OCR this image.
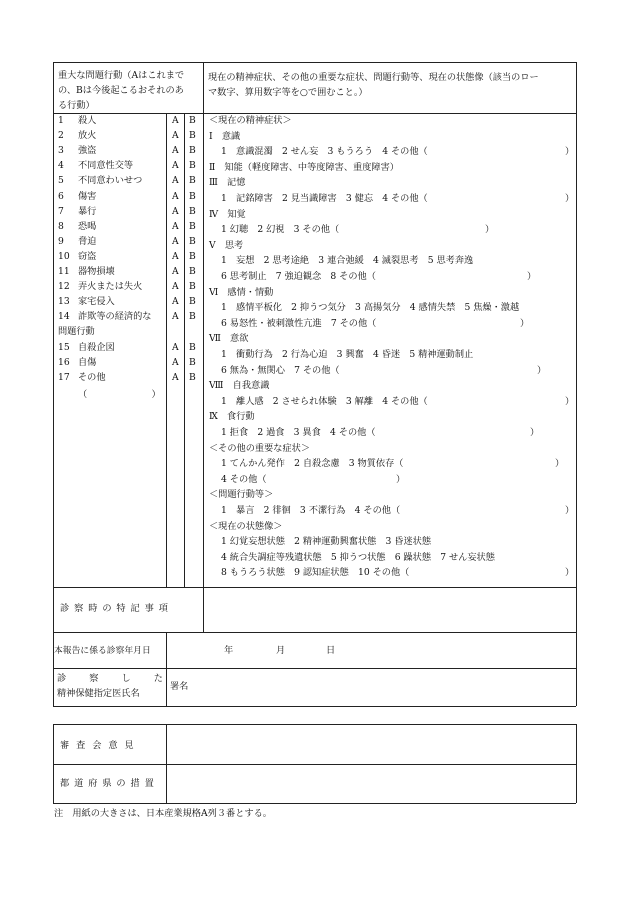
重大な問題行動（Aはこれまで
の、Bは今後起こるおそれのあ
る行動）
現在の精神症状、その他の重要な症状、問題行動等、現在の状態像（該当のロー
マ数字、算用数字等を○で囲むこと。）
1 殺人	A B
2 放火	A B
3 強盗	A B
4 不同意性交等	A B
5 不同意わいせつ	A B
6 傷害	A B
7 暴行	A B
8 恐喝	A B
9 脅迫	A B
10 窃盗	A B
11 器物損壊	A B
12 弄火または失火	A B
13 家宅侵入	A B
14 詐欺等の経済的な A B
問題行動
15 自殺企図	A B
16 自傷	A B
17 その他	A B
（　　　　　　　）
＜現在の精神症状＞
Ⅰ　意識
1　意識混濁　2 せん妄　3 もうろう　4 その他（	）
Ⅱ　知能（軽度障害、中等度障害、重度障害）
Ⅲ　記憶
1　記銘障害　2 見当識障害　3 健忘　4 その他（	）
Ⅳ　知覚
1 幻聴　2 幻視　3 その他（	）
Ⅴ　思考
1　妄想　2 思考途絶　3 連合弛緩　4 滅裂思考　5 思考奔逸
6 思考制止　7 強迫観念　8 その他（	）
Ⅵ　感情・情動
1　感情平板化　2 抑うつ気分　3 高揚気分　4 感情失禁　5 焦燥・激越
6 易怒性・被刺激性亢進　7 その他（	）
Ⅶ　意欲
1　衝動行為　2 行為心迫　3 興奮　4 昏迷　5 精神運動制止
6 無為・無関心　7 その他（	）
Ⅷ　自我意識
1　離人感　2 させられ体験　3 解離　4 その他（	）
Ⅸ　食行動
1 拒食　2 過食　3 異食　4 その他（	）
＜その他の重要な症状＞
1 てんかん発作　2 自殺念慮　3 物質依存（	）
4 その他（	）
＜問題行動等＞
1　暴言　2 徘徊　3 不潔行為　4 その他（	）
＜現在の状態像＞
1 幻覚妄想状態　2 精神運動興奮状態　3 昏迷状態
4 統合失調症等残遺状態　5 抑うつ状態　6 躁状態　7 せん妄状態
8 もうろう状態　9 認知症状態　10 その他（	）
診 察 時 の 特 記 事 項
本報告に係る診察年月日	年	月	日
診　察　し　た
精神保健指定医氏名
署名
審 査 会 意 見
都 道 府 県 の 措 置
注　用紙の大きさは、日本産業規格A列３番とする。
